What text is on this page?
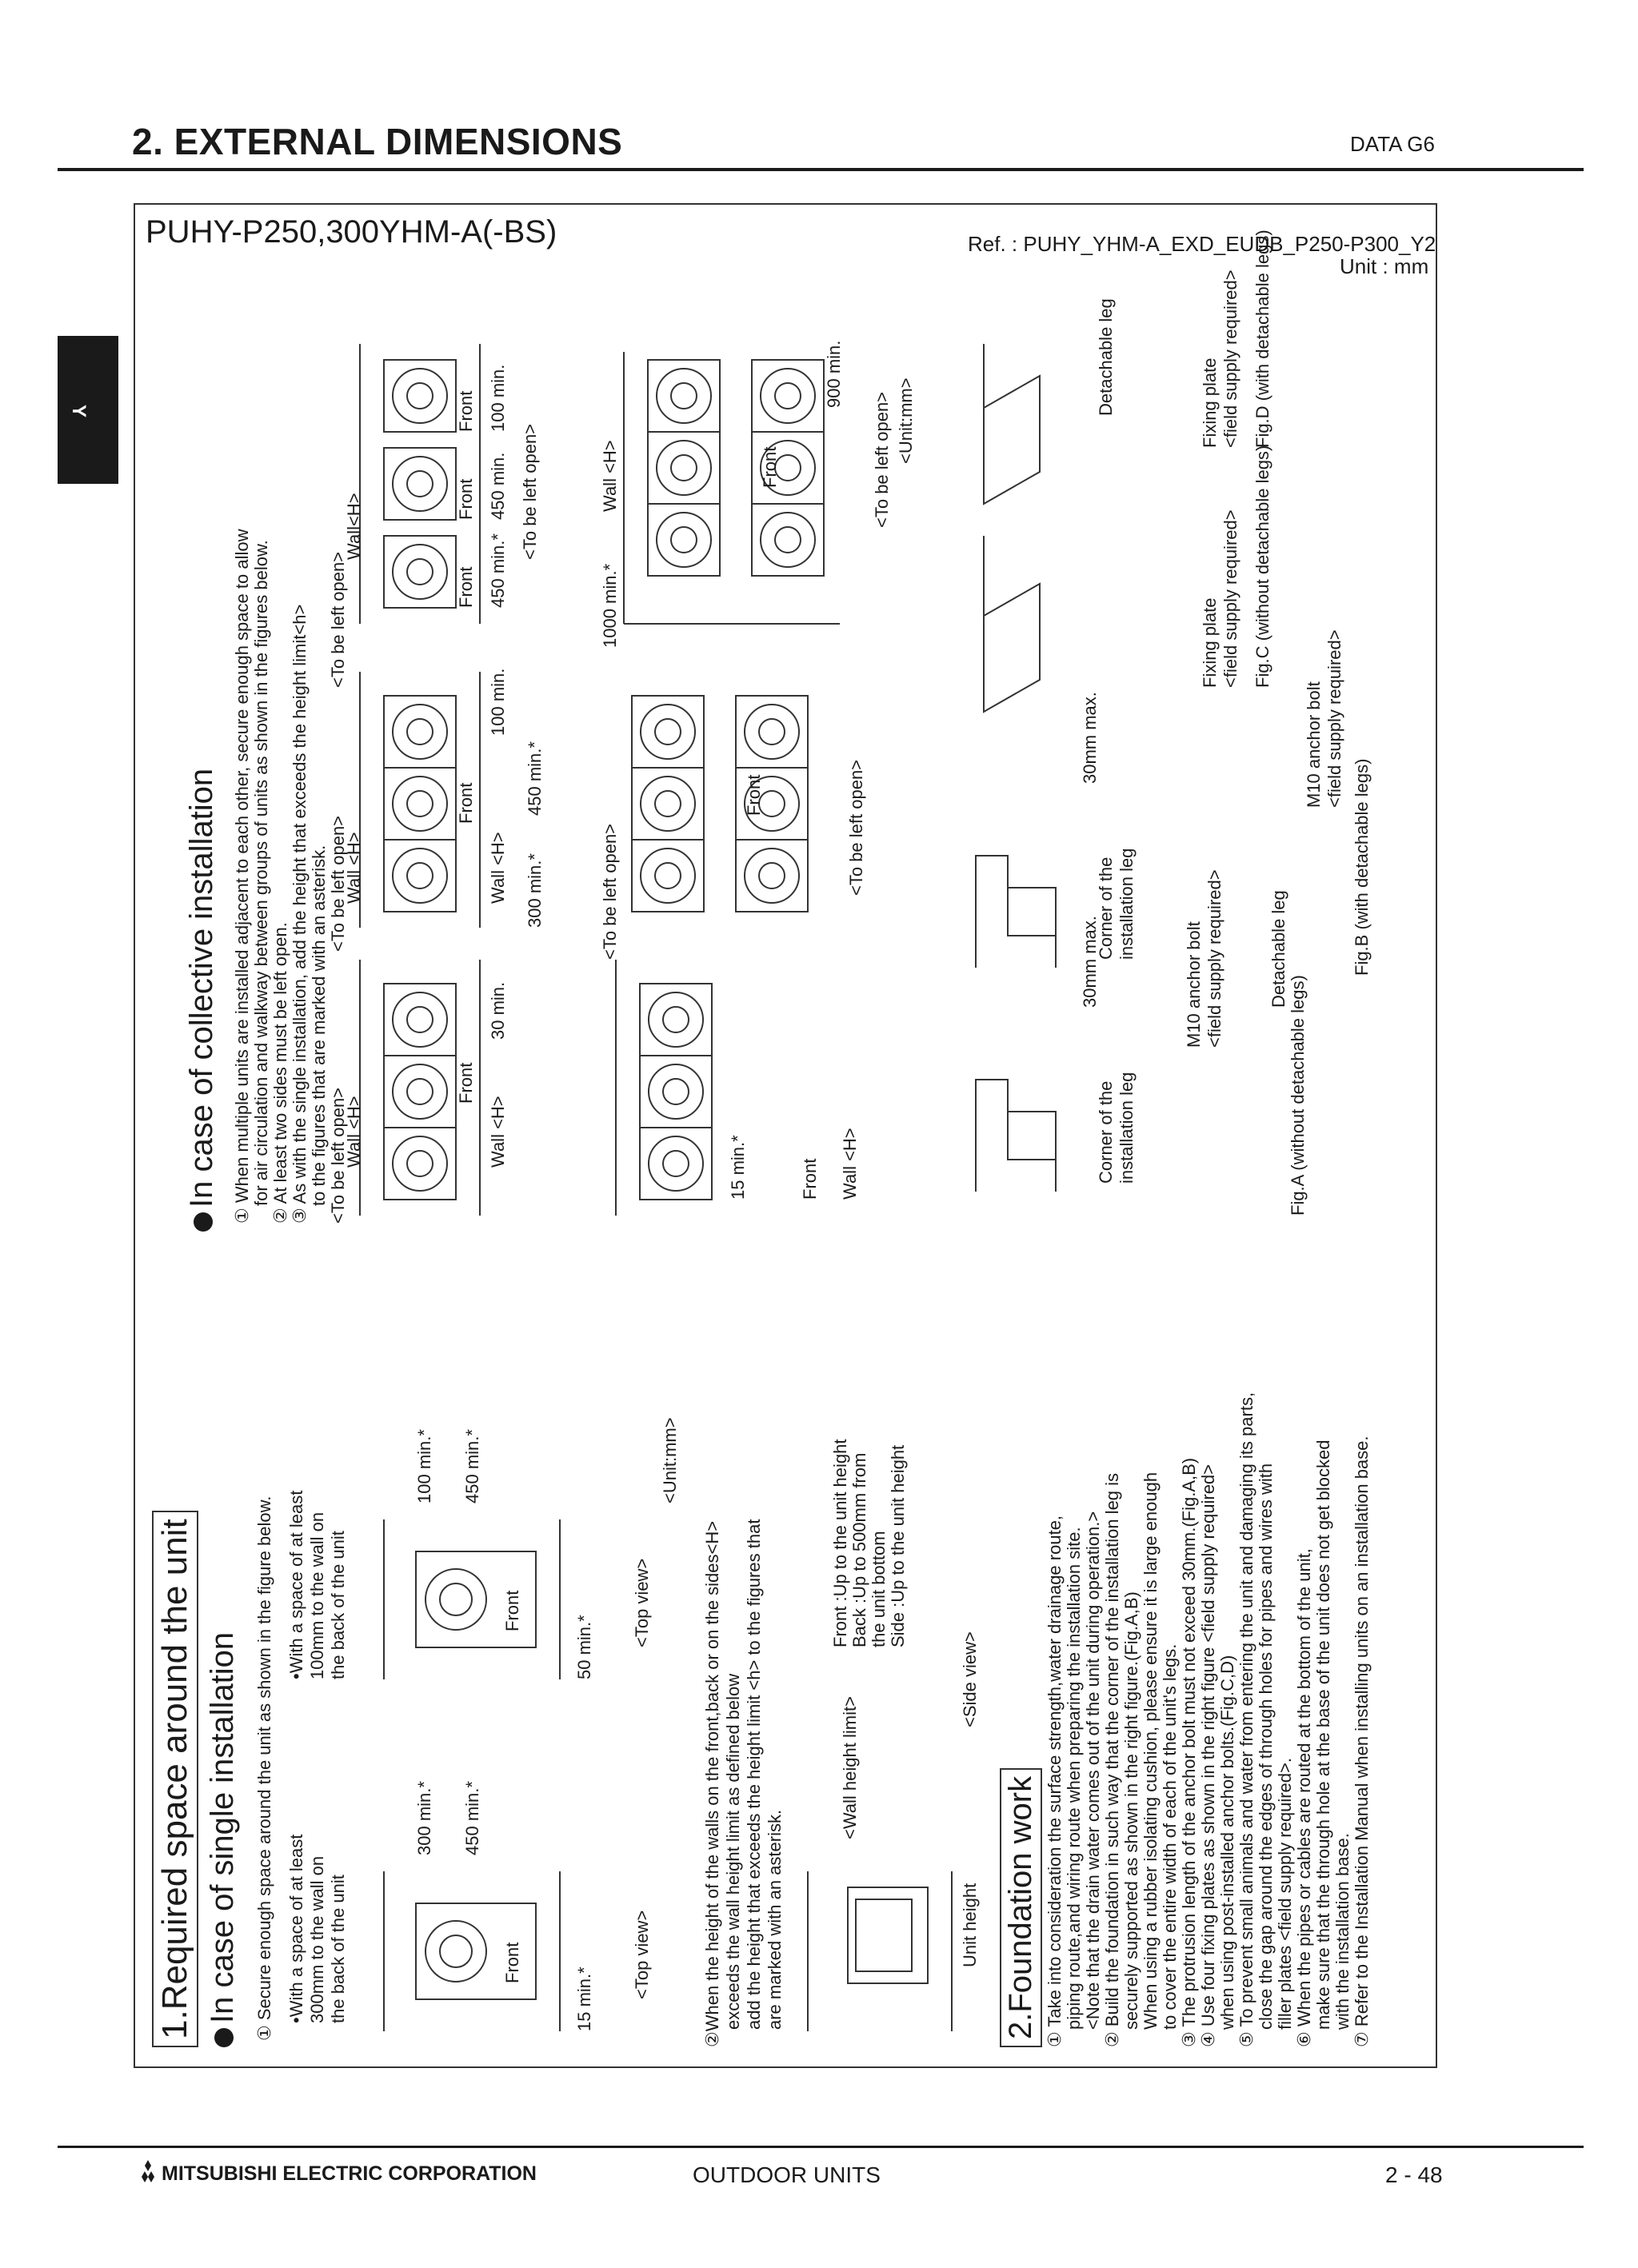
2. EXTERNAL DIMENSIONS	DATA G6
Y
PUHY-P250,300YHM-A(-BS)	Ref. : PUHY_YHM-A_EXD_EUDB_P250-P300_Y2
Unit : mm
1.Required space around the unit In case of single installation ① Secure enough space around the unit as shown in the figure below. •With a space of at least 300mm to the wall on the back of the unit
•With a space of at least 100mm to the wall on the back of the unit
Front
Front
15 min.*
300 min.* 450 min.*
50 min.*
100 min.* 450 min.*
<Top view>
<Top view>
<Unit:mm>
②When the height of the walls on the front,back or on the sides<H> exceeds the wall height limit as defined below add the height that exceeds the height limit <h> to the figures that are marked with an asterisk.
<Wall height limit>
Front :Up to the unit height Back :Up to 500mm from the unit bottom Side :Up to the unit height
Unit height
<Side view>
2.Foundation work ① Take into consideration the surface strength,water drainage route, piping route,and wiring route when preparing the installation site. <Note that the drain water comes out of the unit during operation.> ② Build the foundation in such way that the corner of the installation leg is securely supported as shown in the right figure.(Fig.A,B) When using a rubber isolating cushion, please ensure it is large enough to cover the entire width of each of the unit's legs. ③ The protrusion length of the anchor bolt must not exceed 30mm.(Fig.A,B) ④ Use four fixing plates as shown in the right figure <field supply required> when using post-installed anchor bolts.(Fig.C,D) ⑤ To prevent small animals and water from entering the unit and damaging its parts, close the gap around the edges of through holes for pipes and wires with filler plates <field supply required>. ⑥ When the pipes or cables are routed at the bottom of the unit, make sure that the through hole at the base of the unit does not get blocked with the installation base. ⑦ Refer to the Installation Manual when installing units on an installation base.
In case of collective installation ① When multiple units are installed adjacent to each other, secure enough space to allow for air circulation and walkway between groups of units as shown in the figures below. ② At least two sides must be left open. ③ As with the single installation, add the height that exceeds the height limit<h> to the figures that are marked with an asterisk. <To be left open>
Wall <H>
Front
Wall <H>
30 min.
<To be left open>
Wall <H>
Front
Wall <H>
100 min.
<To be left open>
Wall<H>
Front
Front
Front
450 min.*
450 min.
100 min.
<To be left open>
300 min.*
450 min.*
Front Wall <H>
15 min.*
<To be left open>
Front	<To be left open>
1000 min.*
Wall <H>	Front	<To be left open>
900 min.
<Unit:mm>
Corner of the installation leg
M10 anchor bolt <field supply required>
30mm max.
Fig.A (without detachable legs)
Corner of the installation leg
30mm max.	M10 anchor bolt <field supply required>
Fig.B (with detachable legs)
Detachable leg
Fixing plate <field supply required> Fig.C (without detachable legs)
Fixing plate <field supply required> Fig.D (with detachable legs)
Detachable leg
MITSUBISHI ELECTRIC CORPORATION	OUTDOOR UNITS	2 - 48
